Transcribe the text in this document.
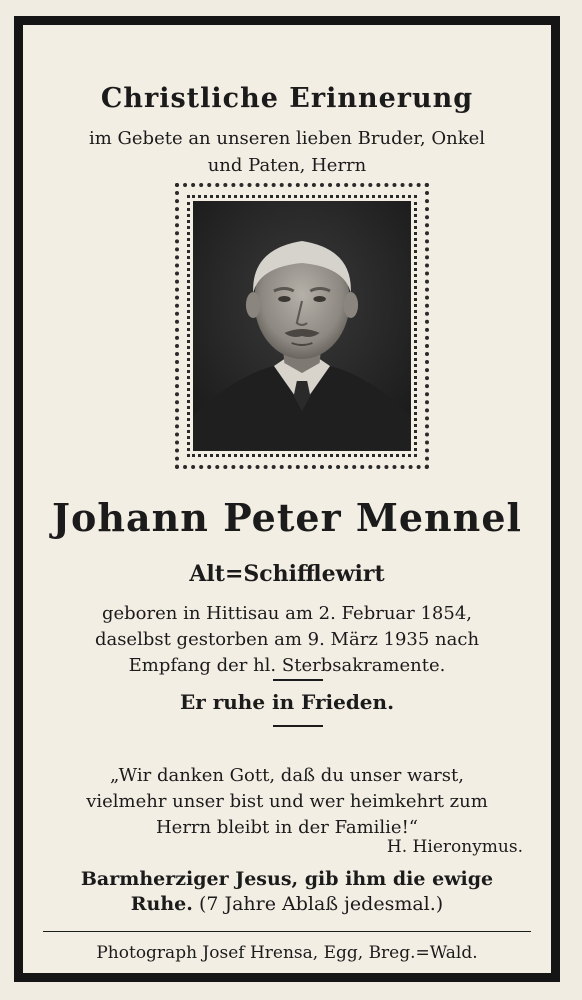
Christliche Erinnerung
im Gebete an unseren lieben Bruder, Onkel
und Paten, Herrn
Johann Peter Mennel
Alt=Schifflewirt
geboren in Hittisau am 2. Februar 1854,
daselbst gestorben am 9. März 1935 nach
Empfang der hl. Sterbsakramente.
Er ruhe in Frieden.
„Wir danken Gott, daß du unser warst,
vielmehr unser bist und wer heimkehrt zum
Herrn bleibt in der Familie!“
H. Hieronymus.
Barmherziger Jesus, gib ihm die ewige
Ruhe. (7 Jahre Ablaß jedesmal.)
Photograph Josef Hrensa, Egg, Breg.=Wald.
